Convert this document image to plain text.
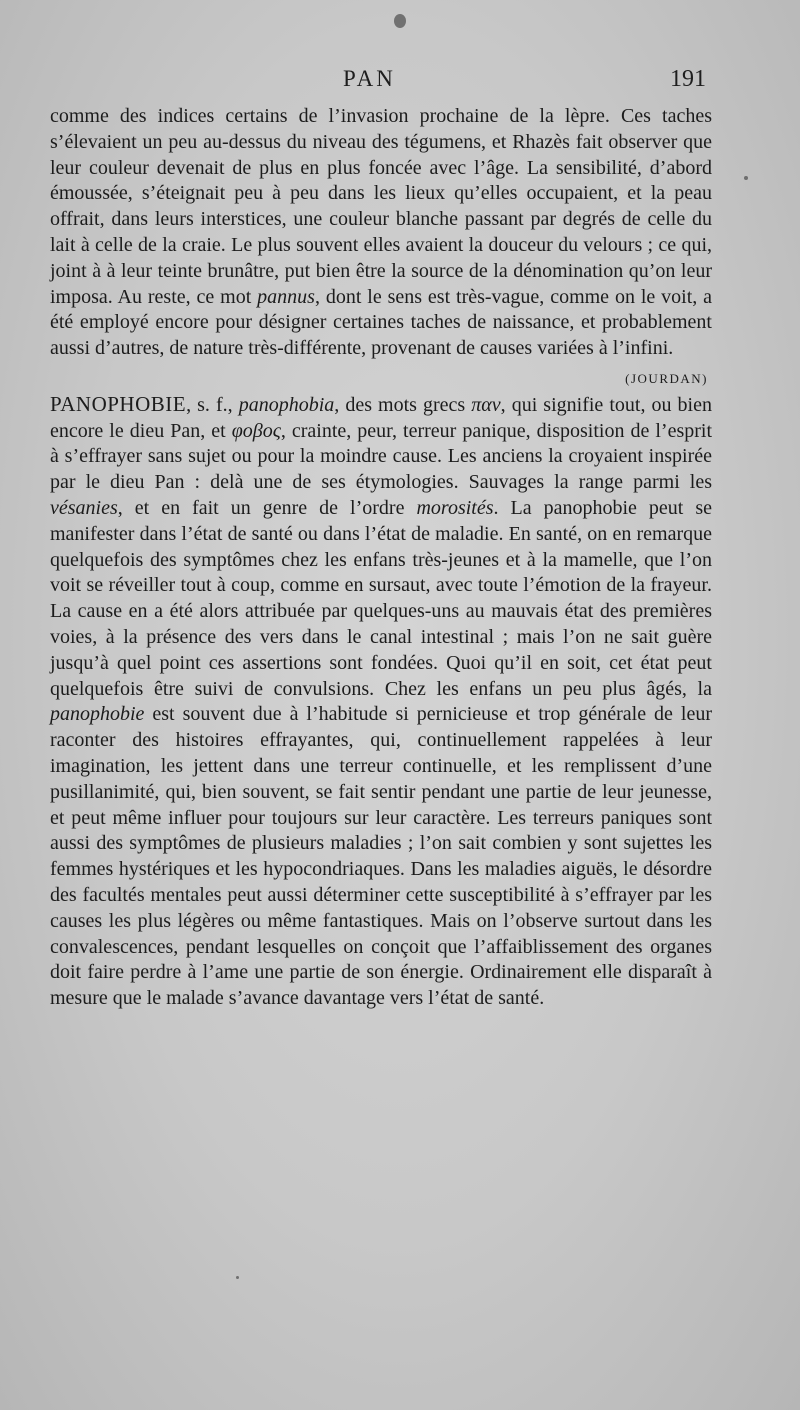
PAN	191

comme des indices certains de l’invasion prochaine de la lèpre. Ces taches s’élevaient un peu au-dessus du niveau des tégumens, et Rhazès fait observer que leur couleur devenait de plus en plus foncée avec l’âge. La sensibilité, d’abord émoussée, s’éteignait peu à peu dans les lieux qu’elles occupaient, et la peau offrait, dans leurs interstices, une couleur blanche passant par degrés de celle du lait à celle de la craie. Le plus souvent elles avaient la douceur du velours ; ce qui, joint à à leur teinte brunâtre, put bien être la source de la dénomination qu’on leur imposa. Au reste, ce mot pannus, dont le sens est très-vague, comme on le voit, a été employé encore pour désigner certaines taches de naissance, et probablement aussi d’autres, de nature très-différente, provenant de causes variées à l’infini.
(JOURDAN)

PANOPHOBIE, s. f., panophobia, des mots grecs παν, qui signifie tout, ou bien encore le dieu Pan, et φοβος, crainte, peur, terreur panique, disposition de l’esprit à s’effrayer sans sujet ou pour la moindre cause. Les anciens la croyaient inspirée par le dieu Pan : delà une de ses étymologies. Sauvages la range parmi les vésanies, et en fait un genre de l’ordre morosités. La panophobie peut se manifester dans l’état de santé ou dans l’état de maladie. En santé, on en remarque quelquefois des symptômes chez les enfans très-jeunes et à la mamelle, que l’on voit se réveiller tout à coup, comme en sursaut, avec toute l’émotion de la frayeur. La cause en a été alors attribuée par quelques-uns au mauvais état des premières voies, à la présence des vers dans le canal intestinal ; mais l’on ne sait guère jusqu’à quel point ces assertions sont fondées. Quoi qu’il en soit, cet état peut quelquefois être suivi de convulsions. Chez les enfans un peu plus âgés, la panophobie est souvent due à l’habitude si pernicieuse et trop générale de leur raconter des histoires effrayantes, qui, continuellement rappelées à leur imagination, les jettent dans une terreur continuelle, et les remplissent d’une pusillanimité, qui, bien souvent, se fait sentir pendant une partie de leur jeunesse, et peut même influer pour toujours sur leur caractère. Les terreurs paniques sont aussi des symptômes de plusieurs maladies ; l’on sait combien y sont sujettes les femmes hystériques et les hypocondriaques. Dans les maladies aiguës, le désordre des facultés mentales peut aussi déterminer cette susceptibilité à s’effrayer par les causes les plus légères ou même fantastiques. Mais on l’observe surtout dans les convalescences, pendant lesquelles on conçoit que l’affaiblissement des organes doit faire perdre à l’ame une partie de son énergie. Ordinairement elle disparaît à mesure que le malade s’avance davantage vers l’état de santé.
